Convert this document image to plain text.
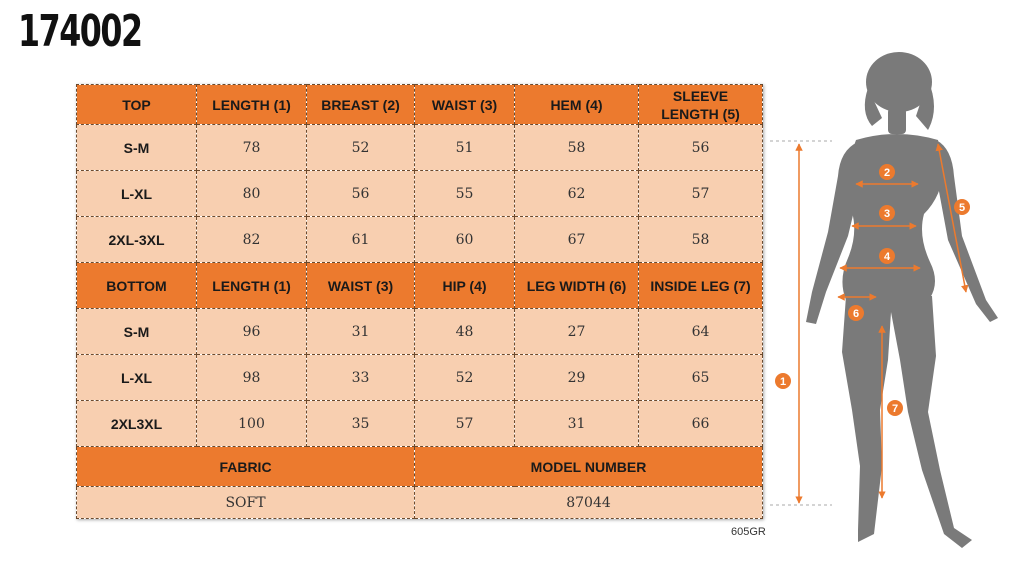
174002
TOP	LENGTH (1)	BREAST (2)	WAIST (3)	HEM (4)	SLEEVE LENGTH (5)
S-M	78	52	51	58	56
L-XL	80	56	55	62	57
2XL-3XL	82	61	60	67	58
BOTTOM	LENGTH (1)	WAIST (3)	HIP (4)	LEG WIDTH (6)	INSIDE LEG (7)
S-M	96	31	48	27	64
L-XL	98	33	52	29	65
2XL3XL	100	35	57	31	66
FABRIC			MODEL NUMBER		
SOFT			87044		
605GR
1
2
3
4
5
6
7
